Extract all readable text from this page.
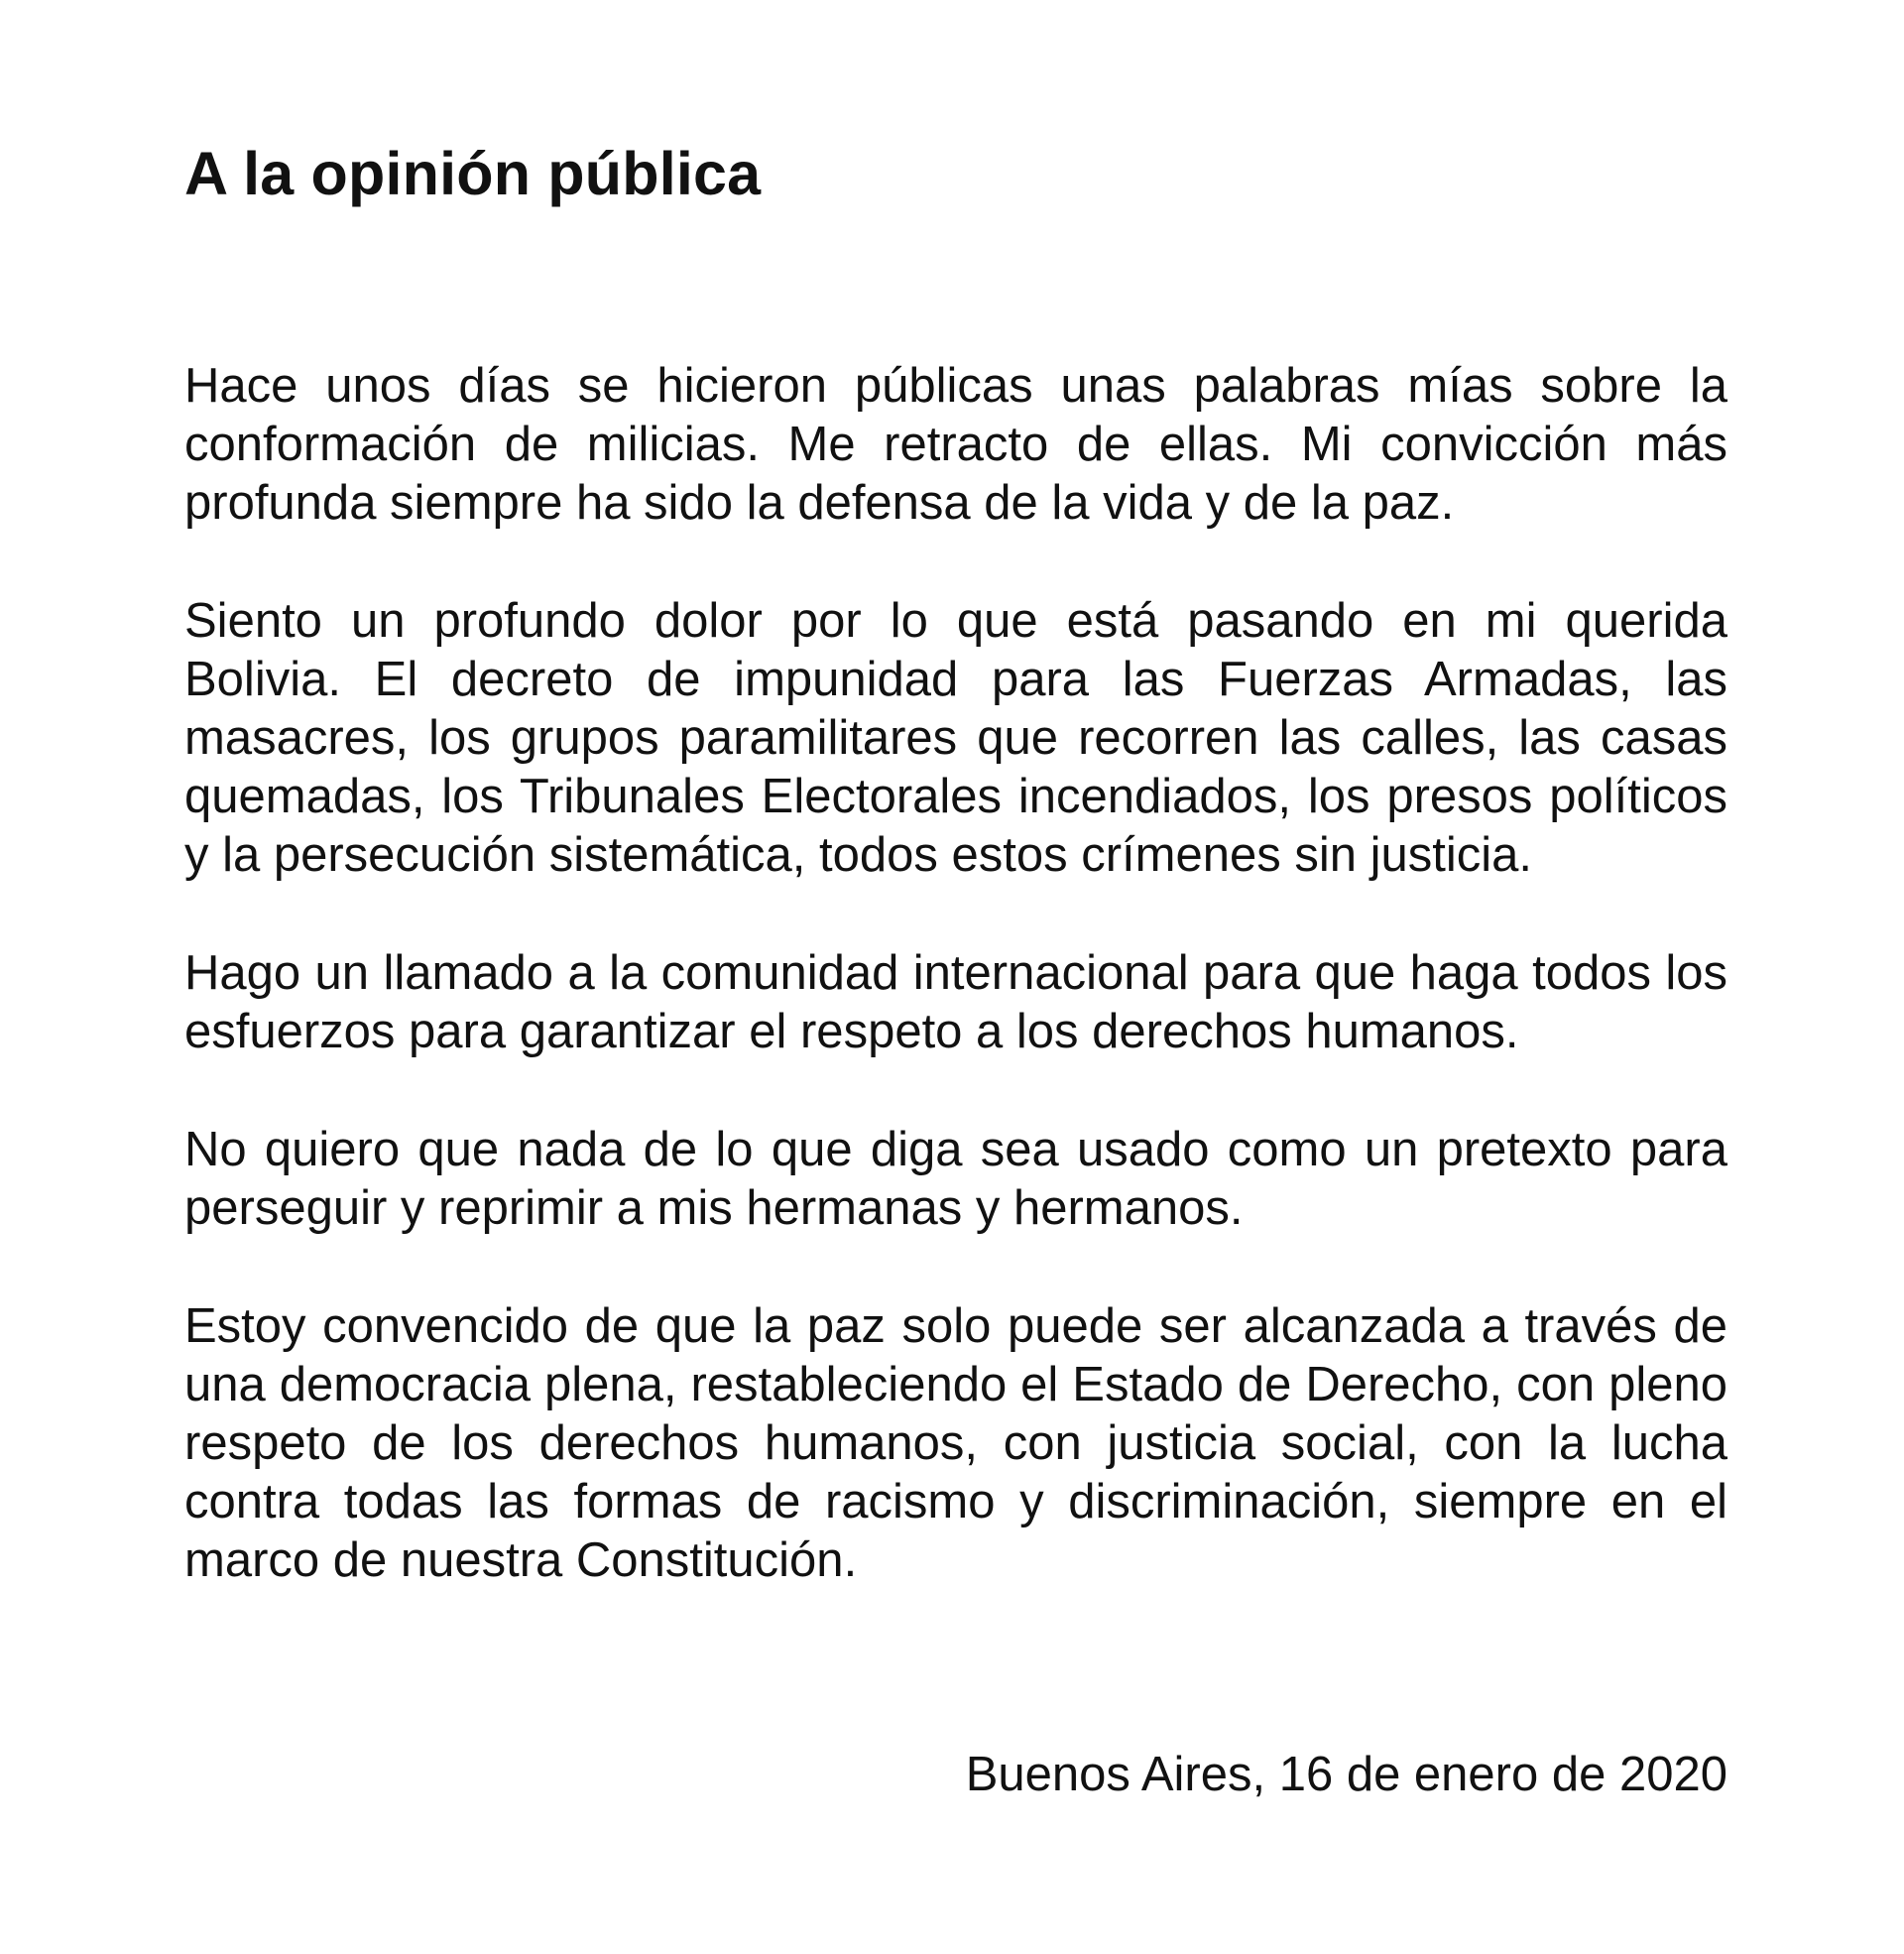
A la opinión pública

Hace unos días se hicieron públicas unas palabras mías sobre la conformación de milicias. Me retracto de ellas. Mi convicción más profunda siempre ha sido la defensa de la vida y de la paz.

Siento un profundo dolor por lo que está pasando en mi querida Bolivia. El decreto de impunidad para las Fuerzas Armadas, las masacres, los grupos paramilitares que recorren las calles, las casas quemadas, los Tribunales Electorales incendiados, los presos políticos y la persecución sistemática, todos estos crímenes sin justicia.

Hago un llamado a la comunidad internacional para que haga todos los esfuerzos para garantizar el respeto a los derechos humanos.

No quiero que nada de lo que diga sea usado como un pretexto para perseguir y reprimir a mis hermanas y hermanos.

Estoy convencido de que la paz solo puede ser alcanzada a través de una democracia plena, restableciendo el Estado de Derecho, con pleno respeto de los derechos humanos, con justicia social, con la lucha contra todas las formas de racismo y discriminación, siempre en el marco de nuestra Constitución.

Buenos Aires, 16 de enero de 2020
